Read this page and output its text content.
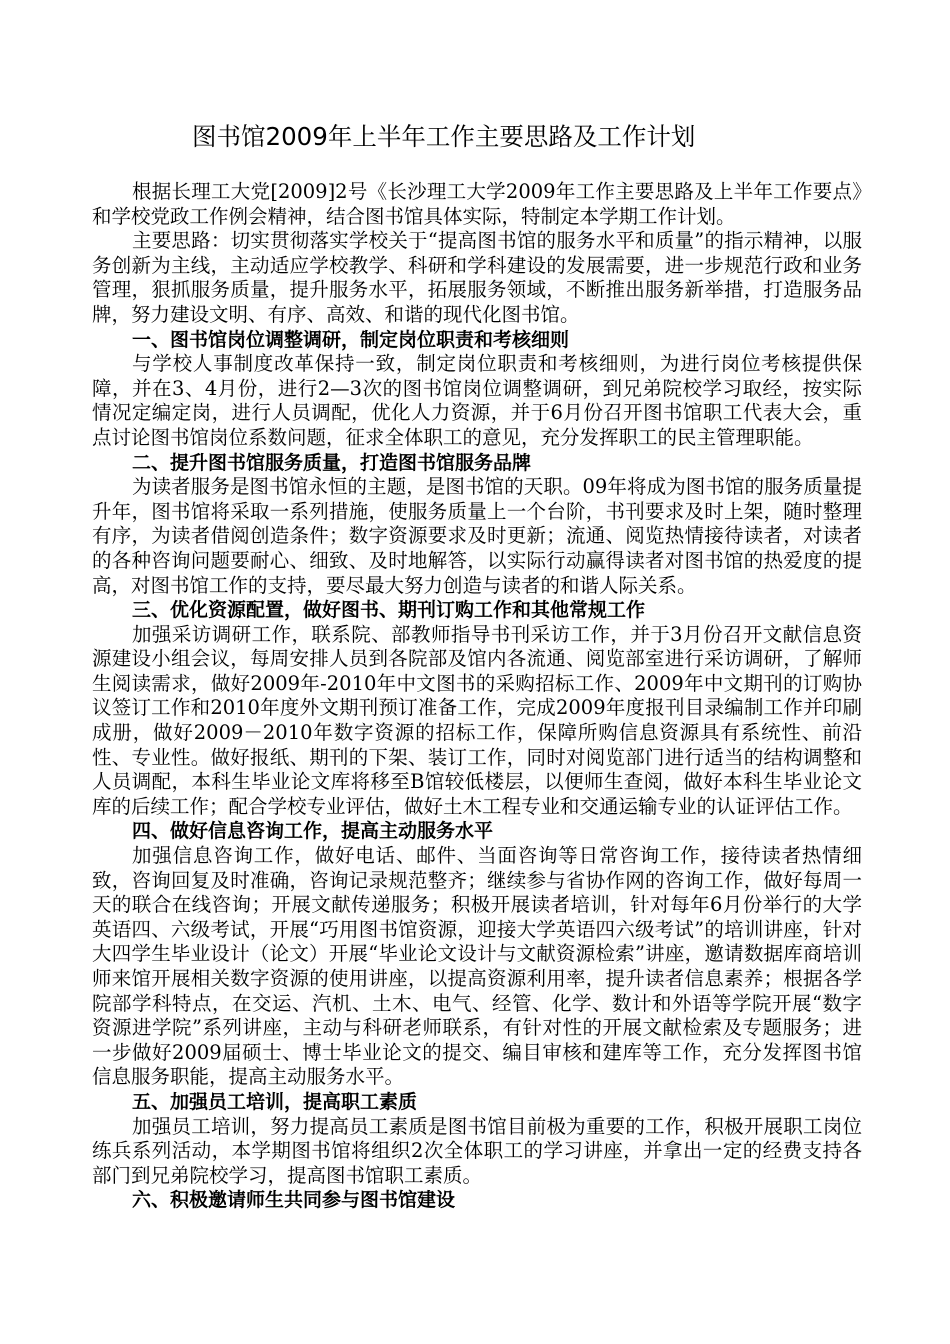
图书馆2009年上半年工作主要思路及工作计划

根据长理工大党[2009]2号《长沙理工大学2009年工作主要思路及上半年工作要点》和学校党政工作例会精神，结合图书馆具体实际，特制定本学期工作计划。

主要思路：切实贯彻落实学校关于“提高图书馆的服务水平和质量”的指示精神，以服务创新为主线，主动适应学校教学、科研和学科建设的发展需要，进一步规范行政和业务管理，狠抓服务质量，提升服务水平，拓展服务领域，不断推出服务新举措，打造服务品牌，努力建设文明、有序、高效、和谐的现代化图书馆。

一、图书馆岗位调整调研，制定岗位职责和考核细则

与学校人事制度改革保持一致，制定岗位职责和考核细则，为进行岗位考核提供保障，并在3、4月份，进行2—3次的图书馆岗位调整调研，到兄弟院校学习取经，按实际情况定编定岗，进行人员调配，优化人力资源，并于6月份召开图书馆职工代表大会，重点讨论图书馆岗位系数问题，征求全体职工的意见，充分发挥职工的民主管理职能。

二、提升图书馆服务质量，打造图书馆服务品牌

为读者服务是图书馆永恒的主题，是图书馆的天职。09年将成为图书馆的服务质量提升年，图书馆将采取一系列措施，使服务质量上一个台阶，书刊要求及时上架，随时整理有序，为读者借阅创造条件；数字资源要求及时更新；流通、阅览热情接待读者，对读者的各种咨询问题要耐心、细致、及时地解答，以实际行动赢得读者对图书馆的热爱度的提高，对图书馆工作的支持，要尽最大努力创造与读者的和谐人际关系。

三、优化资源配置，做好图书、期刊订购工作和其他常规工作

加强采访调研工作，联系院、部教师指导书刊采访工作，并于3月份召开文献信息资源建设小组会议，每周安排人员到各院部及馆内各流通、阅览部室进行采访调研，了解师生阅读需求，做好2009年-2010年中文图书的采购招标工作、2009年中文期刊的订购协议签订工作和2010年度外文期刊预订准备工作，完成2009年度报刊目录编制工作并印刷成册，做好2009－2010年数字资源的招标工作，保障所购信息资源具有系统性、前沿性、专业性。做好报纸、期刊的下架、装订工作，同时对阅览部门进行适当的结构调整和人员调配，本科生毕业论文库将移至B馆较低楼层，以便师生查阅，做好本科生毕业论文库的后续工作；配合学校专业评估，做好土木工程专业和交通运输专业的认证评估工作。

四、做好信息咨询工作，提高主动服务水平

加强信息咨询工作，做好电话、邮件、当面咨询等日常咨询工作，接待读者热情细致，咨询回复及时准确，咨询记录规范整齐；继续参与省协作网的咨询工作，做好每周一天的联合在线咨询；开展文献传递服务；积极开展读者培训，针对每年6月份举行的大学英语四、六级考试，开展“巧用图书馆资源，迎接大学英语四六级考试”的培训讲座，针对大四学生毕业设计（论文）开展“毕业论文设计与文献资源检索”讲座，邀请数据库商培训师来馆开展相关数字资源的使用讲座，以提高资源利用率，提升读者信息素养；根据各学院部学科特点，在交运、汽机、土木、电气、经管、化学、数计和外语等学院开展“数字资源进学院”系列讲座，主动与科研老师联系，有针对性的开展文献检索及专题服务；进一步做好2009届硕士、博士毕业论文的提交、编目审核和建库等工作，充分发挥图书馆信息服务职能，提高主动服务水平。

五、加强员工培训，提高职工素质

加强员工培训，努力提高员工素质是图书馆目前极为重要的工作，积极开展职工岗位练兵系列活动，本学期图书馆将组织2次全体职工的学习讲座，并拿出一定的经费支持各部门到兄弟院校学习，提高图书馆职工素质。

六、积极邀请师生共同参与图书馆建设
